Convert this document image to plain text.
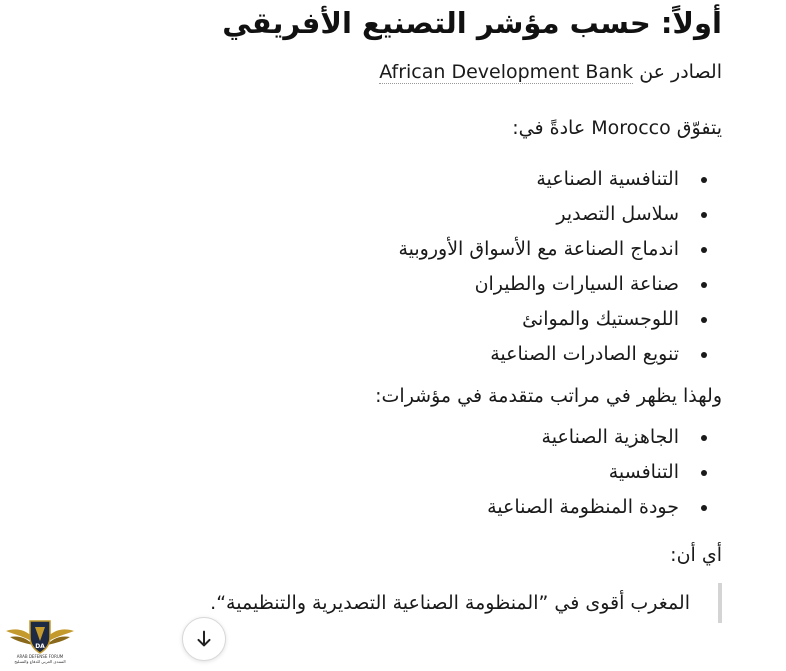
أولاً: حسب مؤشر التصنيع الأفريقي
الصادر عن African Development Bank
يتفوّق Morocco عادةً في:
التنافسية الصناعية
سلاسل التصدير
اندماج الصناعة مع الأسواق الأوروبية
صناعة السيارات والطيران
اللوجستيك والموانئ
تنويع الصادرات الصناعية
ولهذا يظهر في مراتب متقدمة في مؤشرات:
الجاهزية الصناعية
التنافسية
جودة المنظومة الصناعية
أي أن:
المغرب أقوى في ”المنظومة الصناعية التصديرية والتنظيمية“.
DA
ARAB DEFENSE FORUM
المنتدى العربي للدفاع والتسليح
